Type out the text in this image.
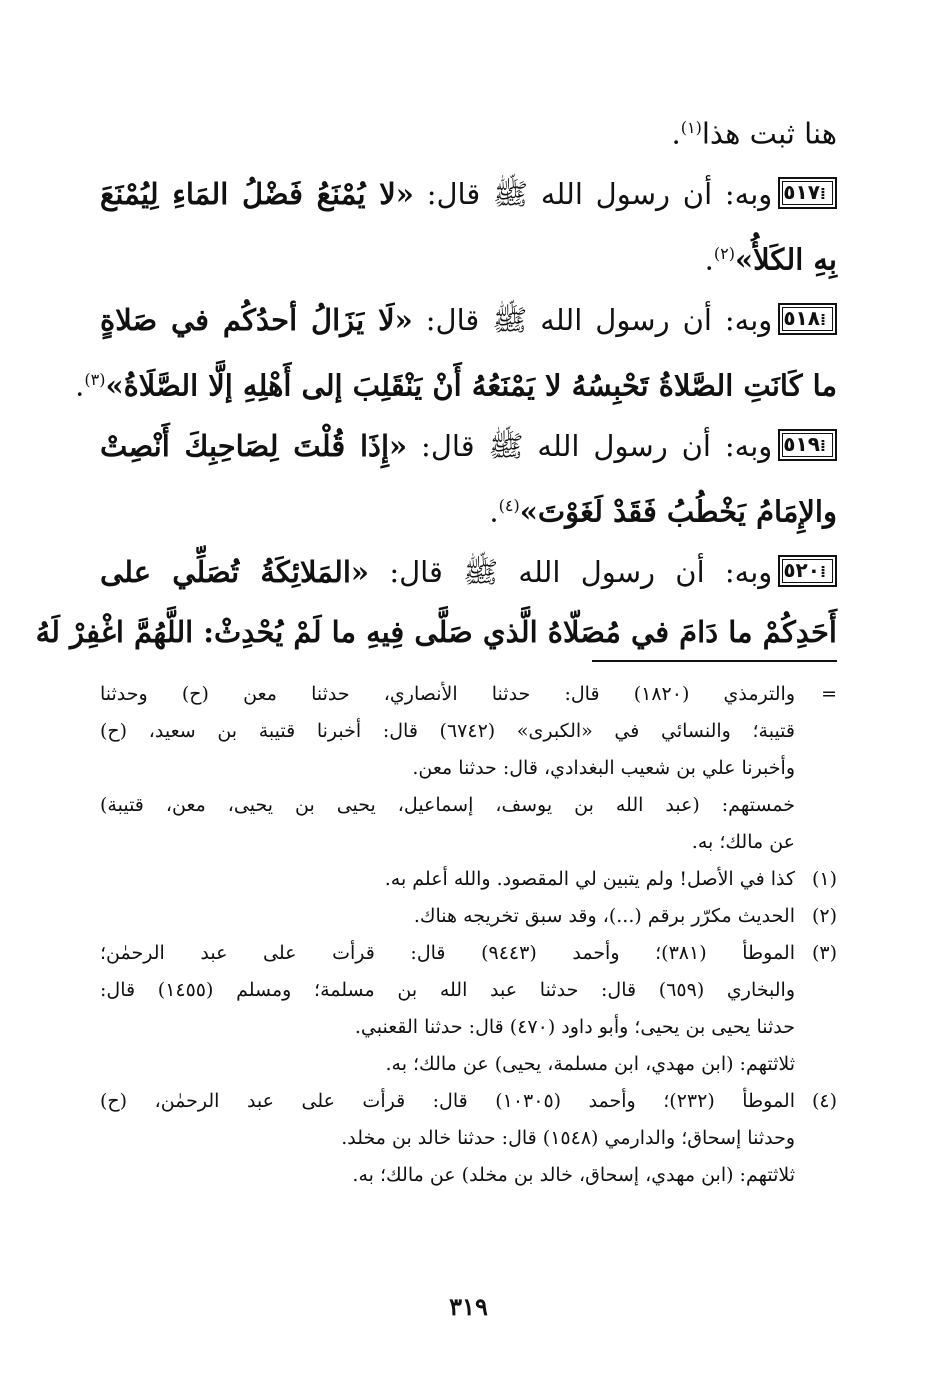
هنا ثبت هذا$^{(١)}$.
٥١٧⁞وبه: أن رسول الله ﷺ قال: «لا يُمْنَعُ فَضْلُ المَاءِ لِيُمْنَعَ
بِهِ الكَلأُ»$^{(٢)}$.
٥١٨⁞وبه: أن رسول الله ﷺ قال: «لَا يَزَالُ أحدُكُم في صَلاةٍ
ما كَانَتِ الصَّلاةُ تَحْبِسُهُ لا يَمْنَعُهُ أَنْ يَنْقَلِبَ إلى أَهْلِهِ إلَّا الصَّلَاةُ»$^{(٣)}$.
٥١٩⁞وبه: أن رسول الله ﷺ قال: «إِذَا قُلْتَ لِصَاحِبِكَ أَنْصِتْ
والإِمَامُ يَخْطُبُ فَقَدْ لَغَوْتَ»$^{(٤)}$.
٥٢٠⁞وبه: أن رسول الله ﷺ قال: «المَلائِكَةُ تُصَلِّي على
أَحَدِكُمْ ما دَامَ في مُصَلّاهُ الَّذي صَلَّى فِيهِ ما لَمْ يُحْدِثْ: اللَّهُمَّ اغْفِرْ لَهُ
=والترمذي (١٨٢٠) قال: حدثنا الأنصاري، حدثنا معن (ح) وحدثنا
قتيبة؛ والنسائي في «الكبرى» (٦٧٤٢) قال: أخبرنا قتيبة بن سعيد، (ح)
وأخبرنا علي بن شعيب البغدادي، قال: حدثنا معن.
خمستهم: (عبد الله بن يوسف، إسماعيل، يحيى بن يحيى، معن، قتيبة)
عن مالك؛ به.
(١)كذا في الأصل! ولم يتبين لي المقصود. والله أعلم به.
(٢)الحديث مكرّر برقم (...)، وقد سبق تخريجه هناك.
(٣)الموطأ (٣٨١)؛ وأحمد (٩٤٤٣) قال: قرأت على عبد الرحمٰن؛
والبخاري (٦٥٩) قال: حدثنا عبد الله بن مسلمة؛ ومسلم (١٤٥٥) قال:
حدثنا يحيى بن يحيى؛ وأبو داود (٤٧٠) قال: حدثنا القعنبي.
ثلاثتهم: (ابن مهدي، ابن مسلمة، يحيى) عن مالك؛ به.
(٤)الموطأ (٢٣٢)؛ وأحمد (١٠٣٠٥) قال: قرأت على عبد الرحمٰن، (ح)
وحدثنا إسحاق؛ والدارمي (١٥٤٨) قال: حدثنا خالد بن مخلد.
ثلاثتهم: (ابن مهدي، إسحاق، خالد بن مخلد) عن مالك؛ به.
٣١٩
